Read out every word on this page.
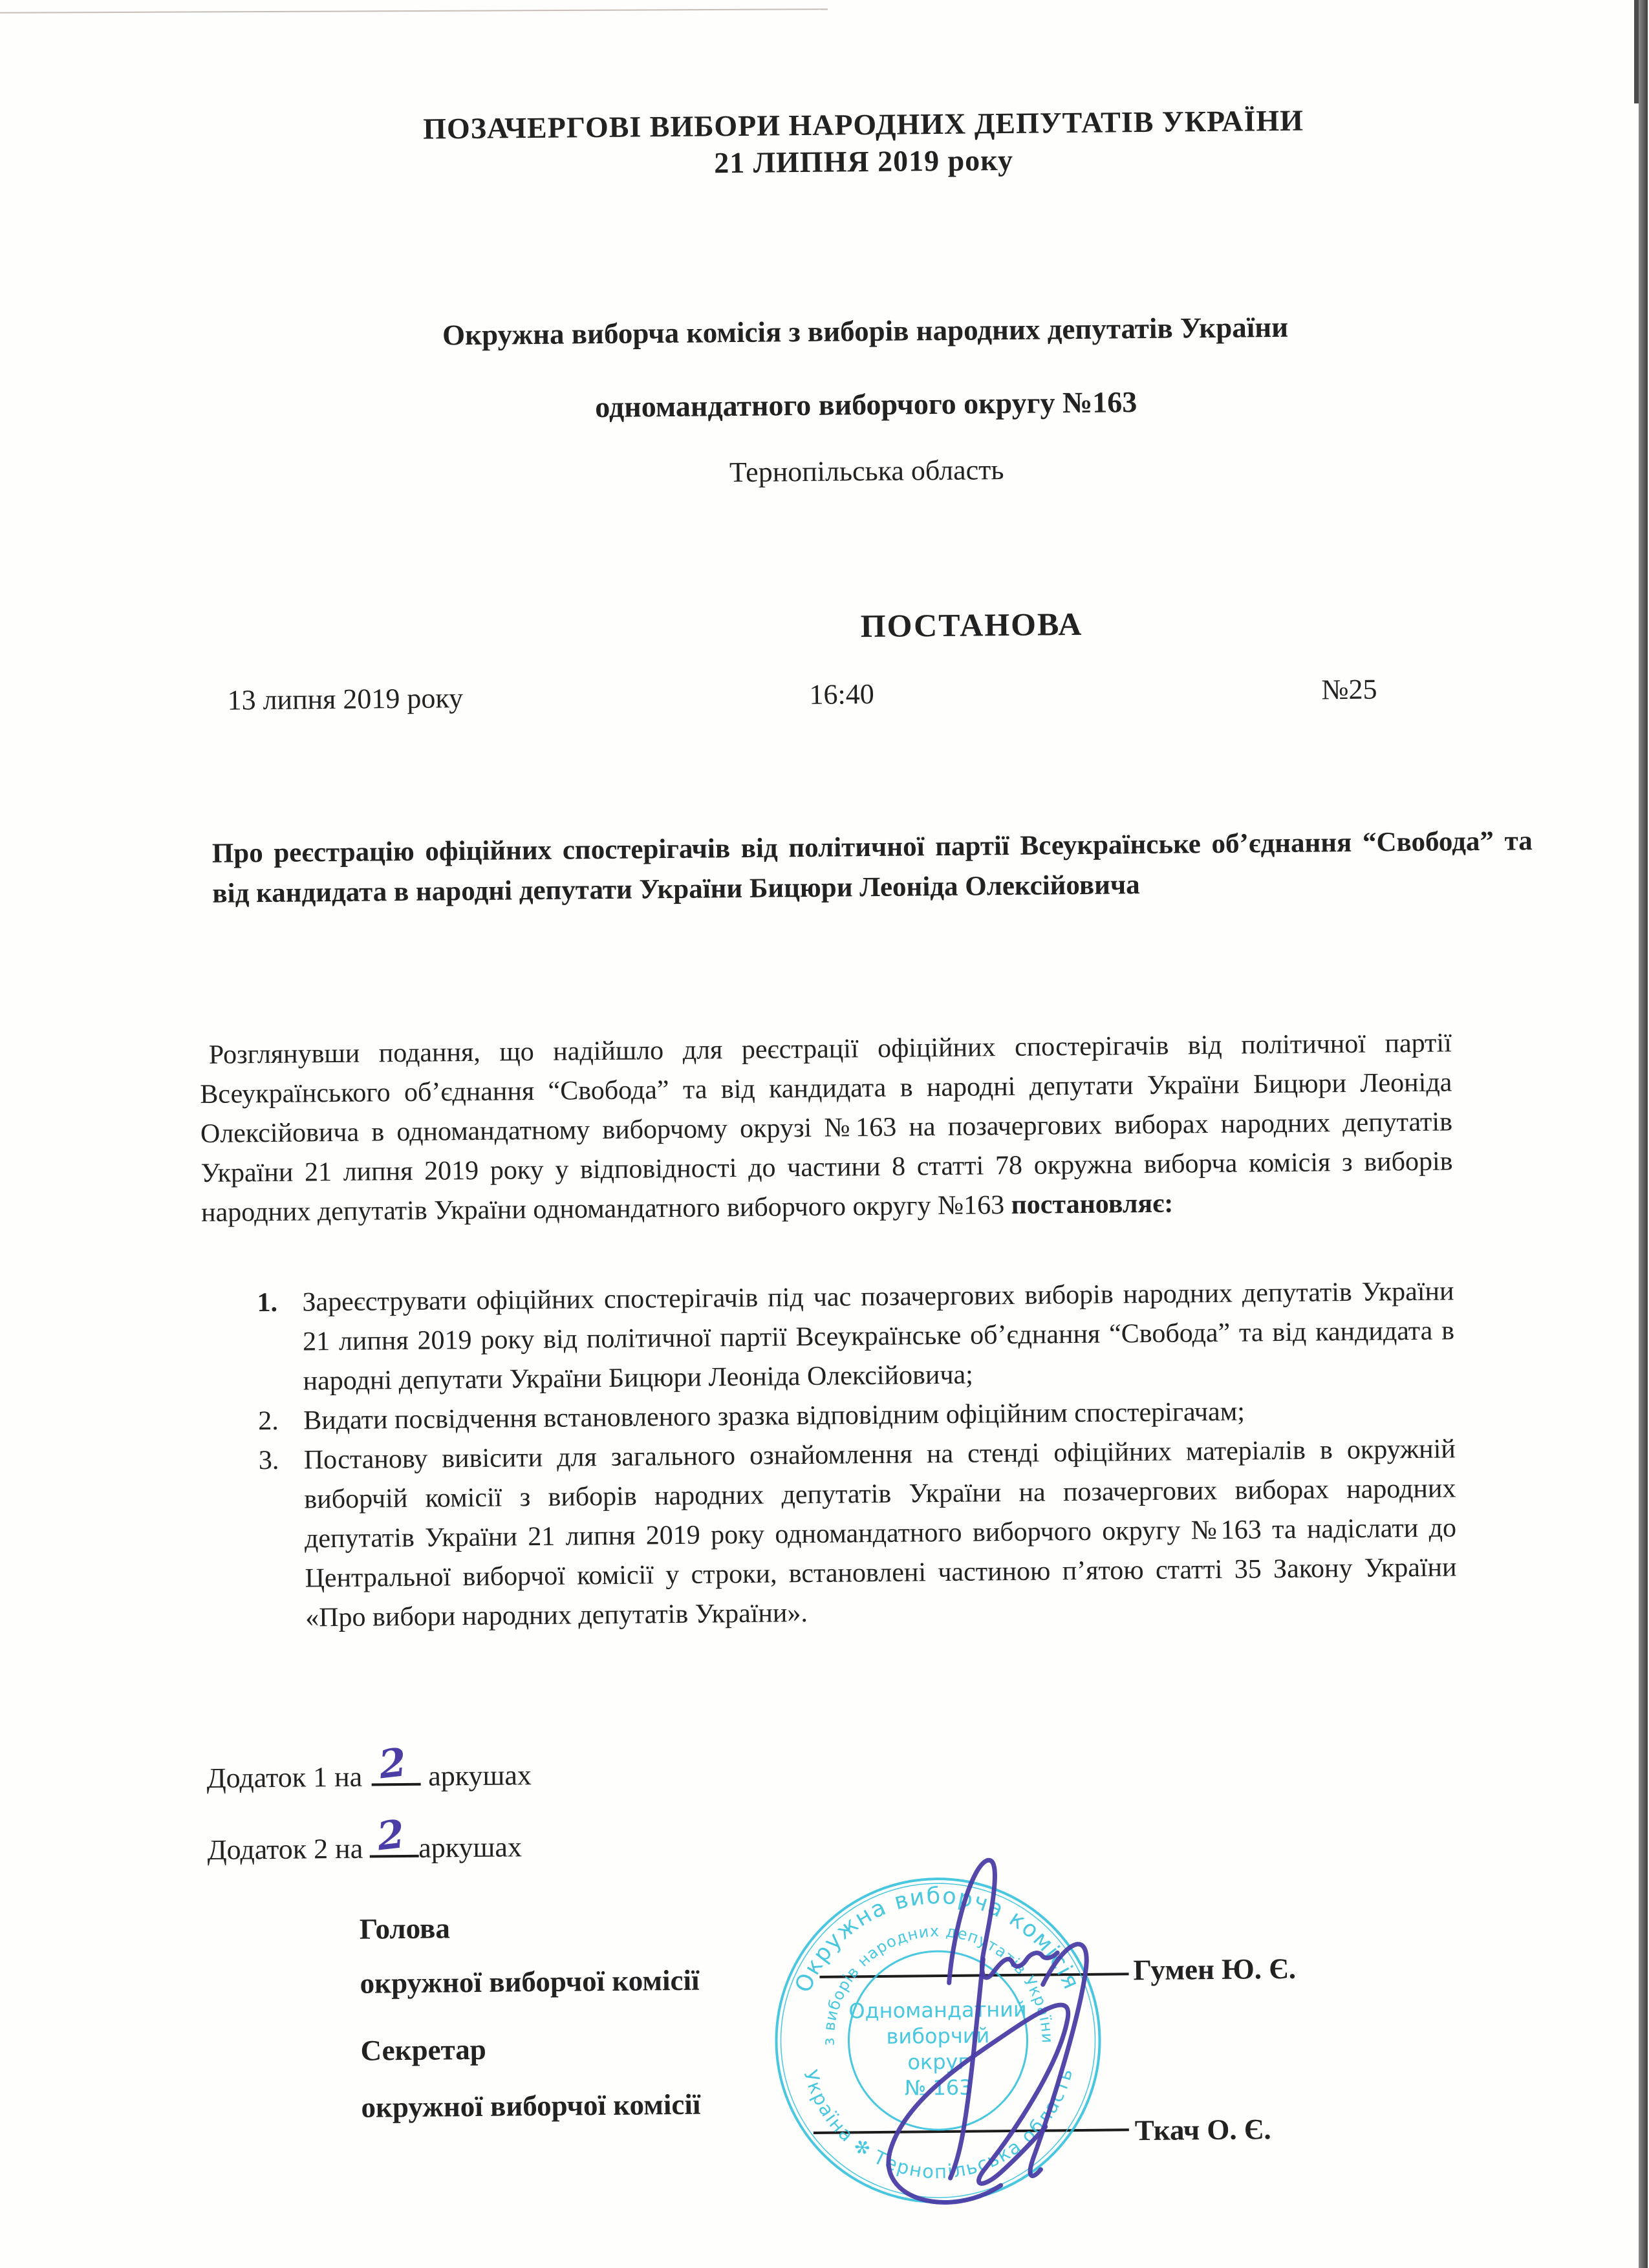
ПОЗАЧЕРГОВІ ВИБОРИ НАРОДНИХ ДЕПУТАТІВ УКРАЇНИ
21 ЛИПНЯ 2019 року
Окружна виборча комісія з виборів народних депутатів України
одномандатного виборчого округу №163
Тернопільська область
ПОСТАНОВА
13 липня 2019 року	16:40	№25
Про реєстрацію офіційних спостерігачів від політичної партії Всеукраїнське об’єднання “Свобода” та від кандидата в народні депутати України Бицюри Леоніда Олексійовича

Розглянувши подання, що надійшло для реєстрації офіційних спостерігачів від політичної партії Всеукраїнського об’єднання “Свобода” та від кандидата в народні депутати України Бицюри Леоніда Олексійовича в одномандатному виборчому окрузі №163 на позачергових виборах народних депутатів України 21 липня 2019 року у відповідності до частини 8 статті 78 окружна виборча комісія з виборів народних депутатів України одномандатного виборчого округу №163 постановляє:

1. Зареєструвати офіційних спостерігачів під час позачергових виборів народних депутатів України 21 липня 2019 року від політичної партії Всеукраїнське об’єднання “Свобода” та від кандидата в народні депутати України Бицюри Леоніда Олексійовича;
2. Видати посвідчення встановленого зразка відповідним офіційним спостерігачам;
3. Постанову вивісити для загального ознайомлення на стенді офіційних матеріалів в окружній виборчій комісії з виборів народних депутатів України на позачергових виборах народних депутатів України 21 липня 2019 року одномандатного виборчого округу №163 та надіслати до Центральної виборчої комісії у строки, встановлені частиною п’ятою статті 35 Закону України «Про вибори народних депутатів України».
Додаток 1 на 2 аркушах
Додаток 2 на 2 аркушах
Голова
окружної виборчої комісії	Гумен Ю. Є.
Секретар
окружної виборчої комісії
Ткач О. Є.
Окружна виборча комісія
з виборів народних депутатів України
Україна ✻ Тернопільська область
Одномандатний
виборчий
округ
№ 163
